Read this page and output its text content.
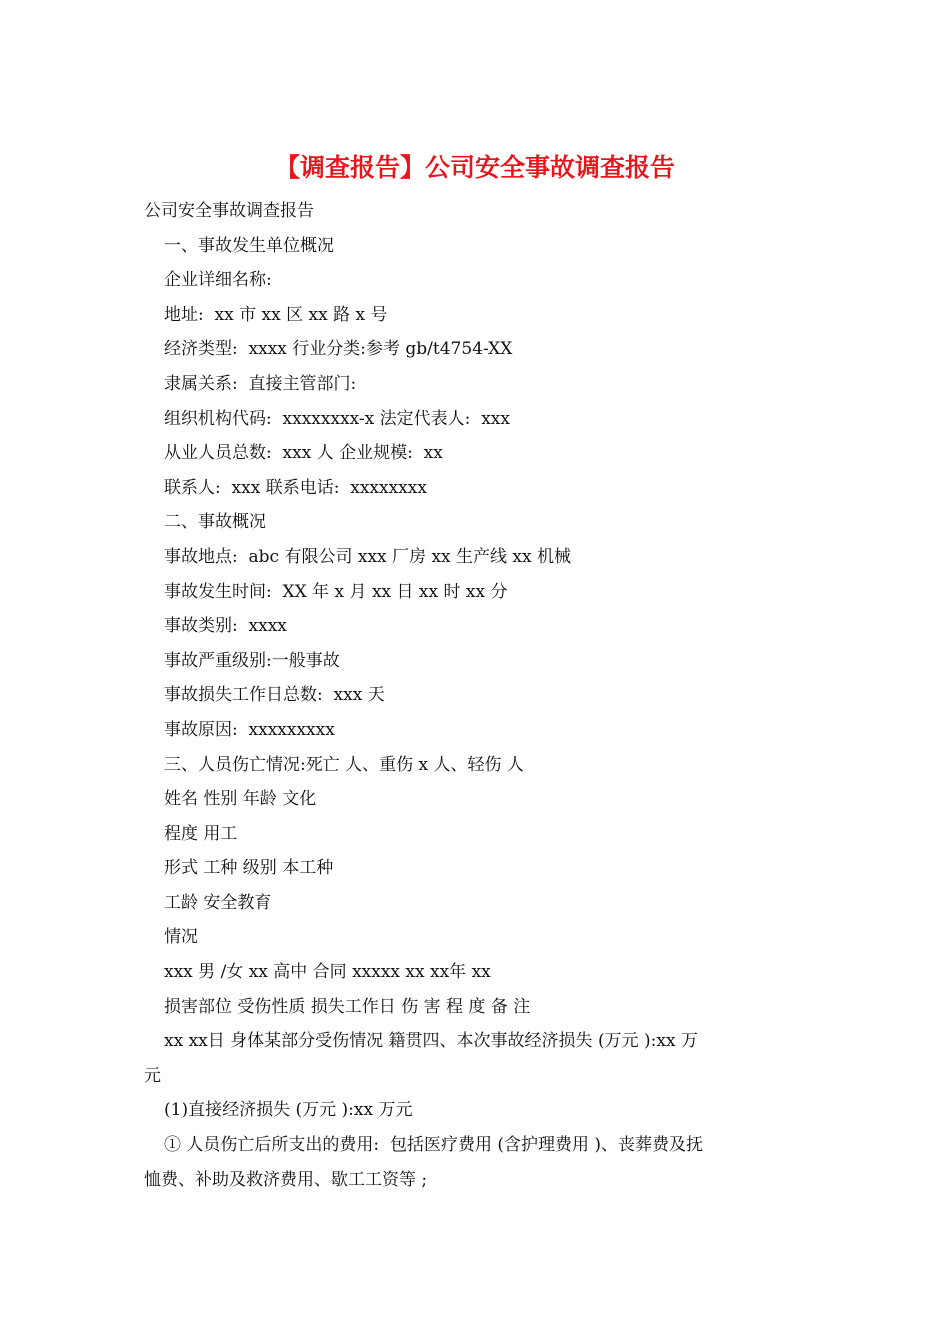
【调查报告】公司安全事故调查报告

公司安全事故调查报告

一、事故发生单位概况

企业详细名称:

地址:  xx 市 xx 区 xx 路 x 号

经济类型:  xxxx 行业分类:参考 gb/t4754-XX

隶属关系:  直接主管部门:

组织机构代码:  xxxxxxxx-x 法定代表人:  xxx

从业人员总数:  xxx 人 企业规模:  xx

联系人:  xxx 联系电话:  xxxxxxxx

二、事故概况

事故地点:  abc 有限公司 xxx 厂房 xx 生产线 xx 机械

事故发生时间:  XX 年 x 月 xx 日 xx 时 xx 分

事故类别:  xxxx

事故严重级别:一般事故

事故损失工作日总数:  xxx 天

事故原因:  xxxxxxxxx

三、人员伤亡情况:死亡 人、重伤 x 人、轻伤 人

姓名 性别 年龄 文化

程度 用工

形式 工种 级别 本工种

工龄 安全教育

情况

xxx 男 /女 xx 高中 合同 xxxxx xx xx年 xx

损害部位 受伤性质 损失工作日 伤 害 程 度 备 注

xx xx日 身体某部分受伤情况 籍贯四、本次事故经济损失 (万元 ):xx 万

元

(1)直接经济损失 (万元 ):xx 万元

① 人员伤亡后所支出的费用:  包括医疗费用 (含护理费用 )、丧葬费及抚

恤费、补助及救济费用、歇工工资等 ;
